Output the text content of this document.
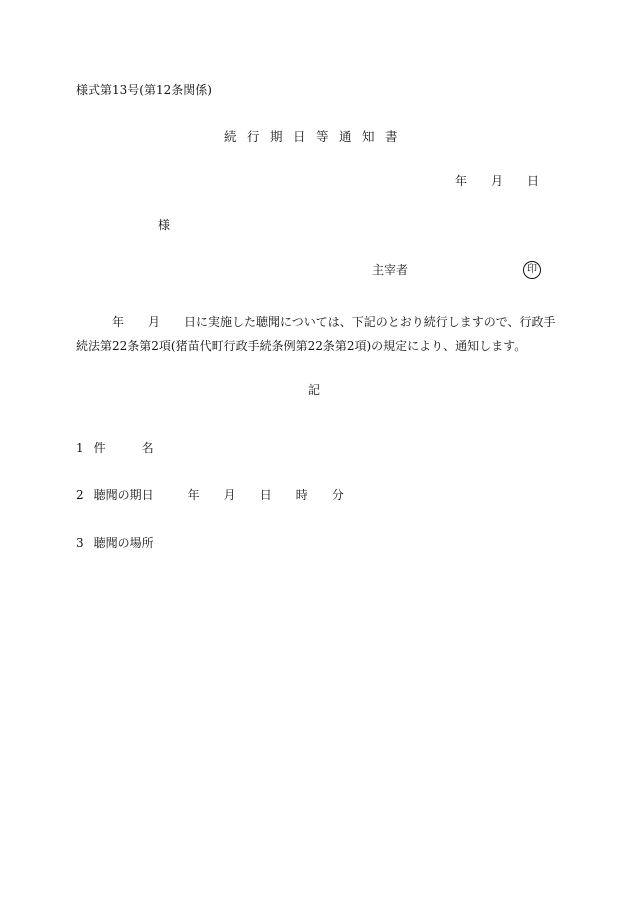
様式第13号(第12条関係)
続行期日等通知書
年 月 日
様
主宰者	印
年 月 日に実施した聴聞については、下記のとおり続行しますので、行政手
続法第22条第2項(猪苗代町行政手続条例第22条第2項)の規定により、通知します。
記
1 件　　　名
2 聴聞の期日	年 月 日 時 分
3 聴聞の場所
